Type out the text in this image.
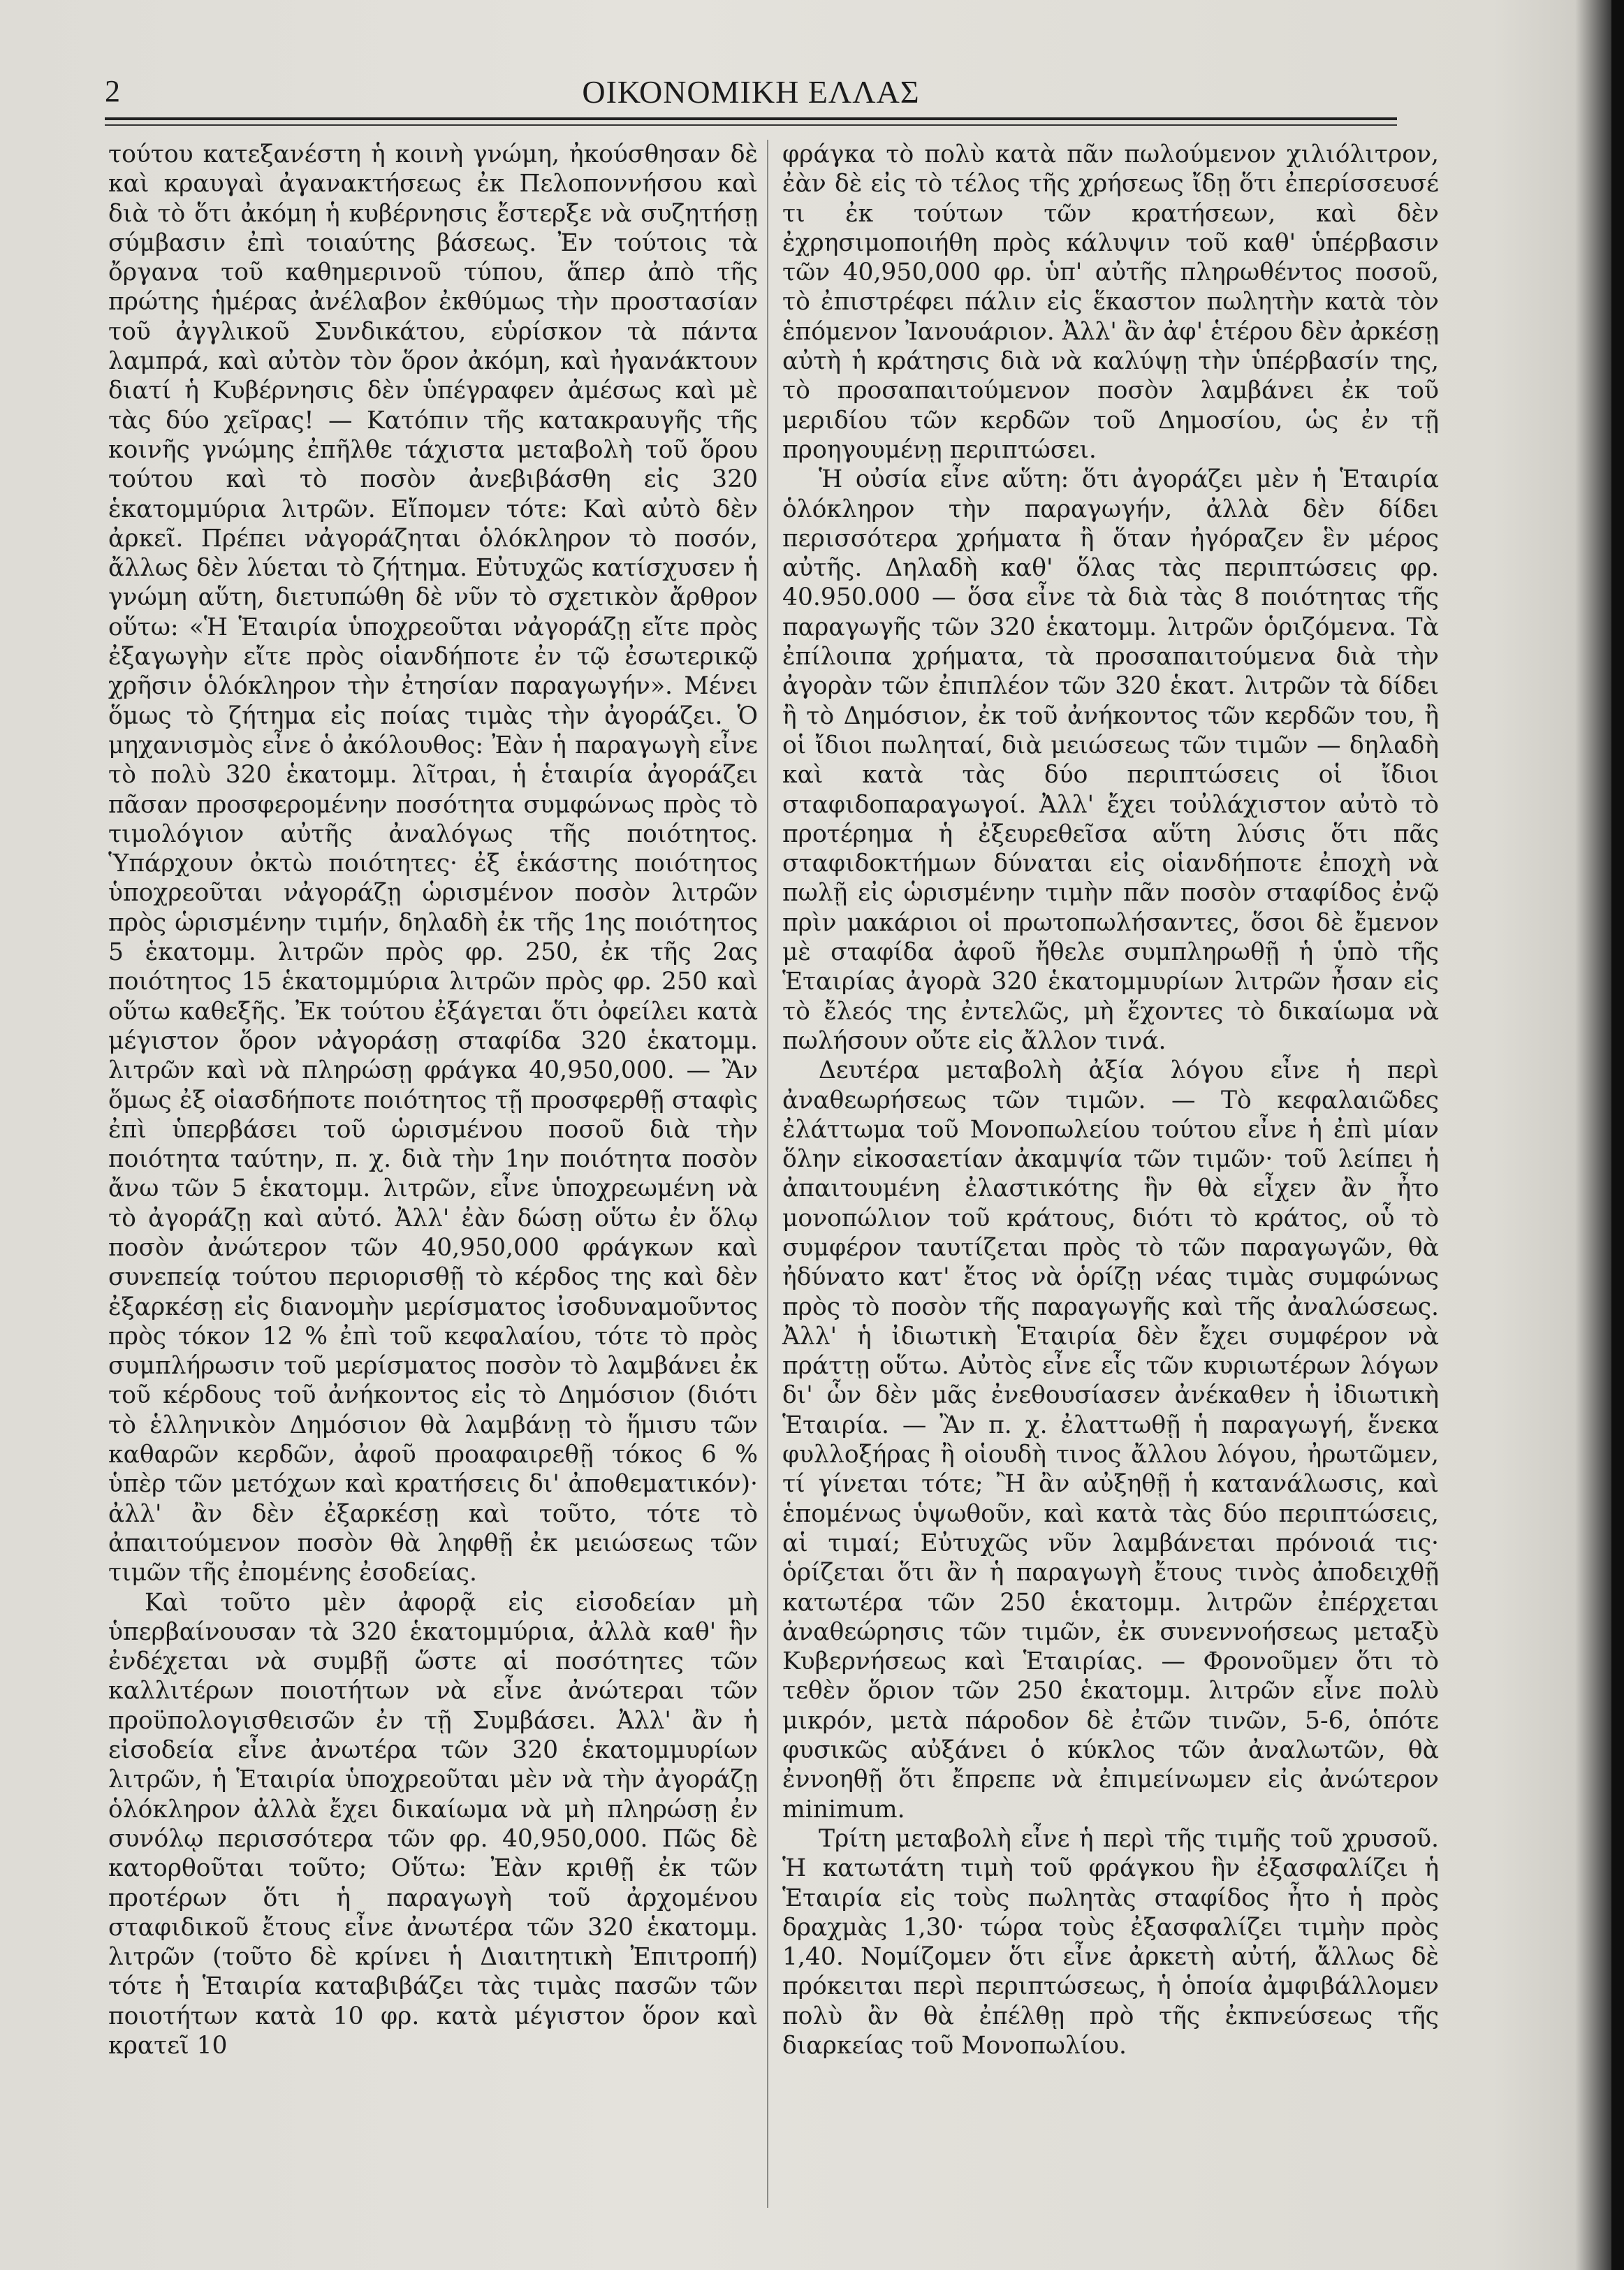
2	ΟΙΚΟΝΟΜΙΚΗ ΕΛΛΑΣ

τούτου κατεξανέστη ἡ κοινὴ γνώμη, ἠκούσθησαν δὲ καὶ κραυγαὶ ἀγανακτήσεως ἐκ Πελοποννήσου καὶ διὰ τὸ ὅτι ἀκόμη ἡ κυβέρνησις ἔστερξε νὰ συζητήσῃ σύμβασιν ἐπὶ τοιαύτης βάσεως. Ἐν τούτοις τὰ ὄργανα τοῦ καθημερινοῦ τύπου, ἅπερ ἀπὸ τῆς πρώτης ἡμέρας ἀνέλαβον ἐκθύμως τὴν προστασίαν τοῦ ἀγγλικοῦ Συνδικάτου, εὑρίσκον τὰ πάντα λαμπρά, καὶ αὐτὸν τὸν ὅρον ἀκόμη, καὶ ἠγανάκτουν διατί ἡ Κυβέρνησις δὲν ὑπέγραφεν ἀμέσως καὶ μὲ τὰς δύο χεῖρας! — Κατόπιν τῆς κατακραυγῆς τῆς κοινῆς γνώμης ἐπῆλθε τάχιστα μεταβολὴ τοῦ ὅρου τούτου καὶ τὸ ποσὸν ἀνεβιβάσθη εἰς 320 ἑκατομμύρια λιτρῶν. Εἴπομεν τότε: Καὶ αὐτὸ δὲν ἀρκεῖ. Πρέπει νἀγοράζηται ὁλόκληρον τὸ ποσόν, ἄλλως δὲν λύεται τὸ ζήτημα. Εὐτυχῶς κατίσχυσεν ἡ γνώμη αὕτη, διετυπώθη δὲ νῦν τὸ σχετικὸν ἄρθρον οὕτω: «Ἡ Ἑταιρία ὑποχρεοῦται νἀγοράζῃ εἴτε πρὸς ἐξαγωγὴν εἴτε πρὸς οἱανδήποτε ἐν τῷ ἐσωτερικῷ χρῆσιν ὁλόκληρον τὴν ἐτησίαν παραγωγήν». Μένει ὅμως τὸ ζήτημα εἰς ποίας τιμὰς τὴν ἀγοράζει. Ὁ μηχανισμὸς εἶνε ὁ ἀκόλουθος: Ἐὰν ἡ παραγωγὴ εἶνε τὸ πολὺ 320 ἑκατομμ. λῖτραι, ἡ ἑταιρία ἀγοράζει πᾶσαν προσφερομένην ποσότητα συμφώνως πρὸς τὸ τιμολόγιον αὐτῆς ἀναλόγως τῆς ποιότητος. Ὑπάρχουν ὀκτὼ ποιότητες· ἐξ ἑκάστης ποιότητος ὑποχρεοῦται νἀγοράζῃ ὡρισμένον ποσὸν λιτρῶν πρὸς ὡρισμένην τιμήν, δηλαδὴ ἐκ τῆς 1ης ποιότητος 5 ἑκατομμ. λιτρῶν πρὸς φρ. 250, ἐκ τῆς 2ας ποιότητος 15 ἑκατομμύρια λιτρῶν πρὸς φρ. 250 καὶ οὕτω καθεξῆς. Ἐκ τούτου ἐξάγεται ὅτι ὀφείλει κατὰ μέγιστον ὅρον νἀγοράσῃ σταφίδα 320 ἑκατομμ. λιτρῶν καὶ νὰ πληρώσῃ φράγκα 40,950,000. — Ἂν ὅμως ἐξ οἱασδήποτε ποιότητος τῇ προσφερθῇ σταφὶς ἐπὶ ὑπερβάσει τοῦ ὡρισμένου ποσοῦ διὰ τὴν ποιότητα ταύτην, π. χ. διὰ τὴν 1ην ποιότητα ποσὸν ἄνω τῶν 5 ἑκατομμ. λιτρῶν, εἶνε ὑποχρεωμένη νὰ τὸ ἀγοράζῃ καὶ αὐτό. Ἀλλ' ἐὰν δώσῃ οὕτω ἐν ὅλῳ ποσὸν ἀνώτερον τῶν 40,950,000 φράγκων καὶ συνεπείᾳ τούτου περιορισθῇ τὸ κέρδος της καὶ δὲν ἐξαρκέσῃ εἰς διανομὴν μερίσματος ἰσοδυναμοῦντος πρὸς τόκον 12 % ἐπὶ τοῦ κεφαλαίου, τότε τὸ πρὸς συμπλήρωσιν τοῦ μερίσματος ποσὸν τὸ λαμβάνει ἐκ τοῦ κέρδους τοῦ ἀνήκοντος εἰς τὸ Δημόσιον (διότι τὸ ἑλληνικὸν Δημόσιον θὰ λαμβάνῃ τὸ ἥμισυ τῶν καθαρῶν κερδῶν, ἀφοῦ προαφαιρεθῇ τόκος 6 % ὑπὲρ τῶν μετόχων καὶ κρατήσεις δι' ἀποθεματικόν)· ἀλλ' ἂν δὲν ἐξαρκέσῃ καὶ τοῦτο, τότε τὸ ἀπαιτούμενον ποσὸν θὰ ληφθῇ ἐκ μειώσεως τῶν τιμῶν τῆς ἐπομένης ἐσοδείας.

Καὶ τοῦτο μὲν ἀφορᾷ εἰς εἰσοδείαν μὴ ὑπερβαίνουσαν τὰ 320 ἑκατομμύρια, ἀλλὰ καθ' ἣν ἐνδέχεται νὰ συμβῇ ὥστε αἱ ποσότητες τῶν καλλιτέρων ποιοτήτων νὰ εἶνε ἀνώτεραι τῶν προϋπολογισθεισῶν ἐν τῇ Συμβάσει. Ἀλλ' ἂν ἡ εἰσοδεία εἶνε ἀνωτέρα τῶν 320 ἑκατομμυρίων λιτρῶν, ἡ Ἑταιρία ὑποχρεοῦται μὲν νὰ τὴν ἀγοράζῃ ὁλόκληρον ἀλλὰ ἔχει δικαίωμα νὰ μὴ πληρώσῃ ἐν συνόλῳ περισσότερα τῶν φρ. 40,950,000. Πῶς δὲ κατορθοῦται τοῦτο; Οὕτω: Ἐὰν κριθῇ ἐκ τῶν προτέρων ὅτι ἡ παραγωγὴ τοῦ ἀρχομένου σταφιδικοῦ ἔτους εἶνε ἀνωτέρα τῶν 320 ἑκατομμ. λιτρῶν (τοῦτο δὲ κρίνει ἡ Διαιτητικὴ Ἐπιτροπή) τότε ἡ Ἑταιρία καταβιβάζει τὰς τιμὰς πασῶν τῶν ποιοτήτων κατὰ 10 φρ. κατὰ μέγιστον ὅρον καὶ κρατεῖ 10

φράγκα τὸ πολὺ κατὰ πᾶν πωλούμενον χιλιόλιτρον, ἐὰν δὲ εἰς τὸ τέλος τῆς χρήσεως ἴδῃ ὅτι ἐπερίσσευσέ τι ἐκ τούτων τῶν κρατήσεων, καὶ δὲν ἐχρησιμοποιήθη πρὸς κάλυψιν τοῦ καθ' ὑπέρβασιν τῶν 40,950,000 φρ. ὑπ' αὐτῆς πληρωθέντος ποσοῦ, τὸ ἐπιστρέφει πάλιν εἰς ἕκαστον πωλητὴν κατὰ τὸν ἑπόμενον Ἰανουάριον. Ἀλλ' ἂν ἀφ' ἑτέρου δὲν ἀρκέσῃ αὐτὴ ἡ κράτησις διὰ νὰ καλύψῃ τὴν ὑπέρβασίν της, τὸ προσαπαιτούμενον ποσὸν λαμβάνει ἐκ τοῦ μεριδίου τῶν κερδῶν τοῦ Δημοσίου, ὡς ἐν τῇ προηγουμένῃ περιπτώσει.

Ἡ οὐσία εἶνε αὕτη: ὅτι ἀγοράζει μὲν ἡ Ἑταιρία ὁλόκληρον τὴν παραγωγήν, ἀλλὰ δὲν δίδει περισσότερα χρήματα ἢ ὅταν ἠγόραζεν ἓν μέρος αὐτῆς. Δηλαδὴ καθ' ὅλας τὰς περιπτώσεις φρ. 40.950.000 — ὅσα εἶνε τὰ διὰ τὰς 8 ποιότητας τῆς παραγωγῆς τῶν 320 ἑκατομμ. λιτρῶν ὁριζόμενα. Τὰ ἐπίλοιπα χρήματα, τὰ προσαπαιτούμενα διὰ τὴν ἀγορὰν τῶν ἐπιπλέον τῶν 320 ἑκατ. λιτρῶν τὰ δίδει ἢ τὸ Δημόσιον, ἐκ τοῦ ἀνήκοντος τῶν κερδῶν του, ἢ οἱ ἴδιοι πωληταί, διὰ μειώσεως τῶν τιμῶν — δηλαδὴ καὶ κατὰ τὰς δύο περιπτώσεις οἱ ἴδιοι σταφιδοπαραγωγοί. Ἀλλ' ἔχει τοὐλάχιστον αὐτὸ τὸ προτέρημα ἡ ἐξευρεθεῖσα αὕτη λύσις ὅτι πᾶς σταφιδοκτήμων δύναται εἰς οἱανδήποτε ἐποχὴ νὰ πωλῇ εἰς ὡρισμένην τιμὴν πᾶν ποσὸν σταφίδος ἐνῷ πρὶν μακάριοι οἱ πρωτοπωλήσαντες, ὅσοι δὲ ἔμενον μὲ σταφίδα ἀφοῦ ἤθελε συμπληρωθῇ ἡ ὑπὸ τῆς Ἑταιρίας ἀγορὰ 320 ἑκατομμυρίων λιτρῶν ἦσαν εἰς τὸ ἔλεός της ἐντελῶς, μὴ ἔχοντες τὸ δικαίωμα νὰ πωλήσουν οὔτε εἰς ἄλλον τινά.

Δευτέρα μεταβολὴ ἀξία λόγου εἶνε ἡ περὶ ἀναθεωρήσεως τῶν τιμῶν. — Τὸ κεφαλαιῶδες ἐλάττωμα τοῦ Μονοπωλείου τούτου εἶνε ἡ ἐπὶ μίαν ὅλην εἰκοσαετίαν ἀκαμψία τῶν τιμῶν· τοῦ λείπει ἡ ἀπαιτουμένη ἐλαστικότης ἣν θὰ εἶχεν ἂν ἦτο μονοπώλιον τοῦ κράτους, διότι τὸ κράτος, οὗ τὸ συμφέρον ταυτίζεται πρὸς τὸ τῶν παραγωγῶν, θὰ ἠδύνατο κατ' ἔτος νὰ ὁρίζῃ νέας τιμὰς συμφώνως πρὸς τὸ ποσὸν τῆς παραγωγῆς καὶ τῆς ἀναλώσεως. Ἀλλ' ἡ ἰδιωτικὴ Ἑταιρία δὲν ἔχει συμφέρον νὰ πράττῃ οὕτω. Αὐτὸς εἶνε εἷς τῶν κυριωτέρων λόγων δι' ὧν δὲν μᾶς ἐνεθουσίασεν ἀνέκαθεν ἡ ἰδιωτικὴ Ἑταιρία. — Ἂν π. χ. ἐλαττωθῇ ἡ παραγωγή, ἕνεκα φυλλοξήρας ἢ οἱουδὴ τινος ἄλλου λόγου, ἠρωτῶμεν, τί γίνεται τότε; Ἢ ἂν αὐξηθῇ ἡ κατανάλωσις, καὶ ἑπομένως ὑψωθοῦν, καὶ κατὰ τὰς δύο περιπτώσεις, αἱ τιμαί; Εὐτυχῶς νῦν λαμβάνεται πρόνοιά τις· ὁρίζεται ὅτι ἂν ἡ παραγωγὴ ἔτους τινὸς ἀποδειχθῇ κατωτέρα τῶν 250 ἑκατομμ. λιτρῶν ἐπέρχεται ἀναθεώρησις τῶν τιμῶν, ἐκ συνεννοήσεως μεταξὺ Κυβερνήσεως καὶ Ἑταιρίας. — Φρονοῦμεν ὅτι τὸ τεθὲν ὅριον τῶν 250 ἑκατομμ. λιτρῶν εἶνε πολὺ μικρόν, μετὰ πάροδον δὲ ἐτῶν τινῶν, 5-6, ὁπότε φυσικῶς αὐξάνει ὁ κύκλος τῶν ἀναλωτῶν, θὰ ἐννοηθῇ ὅτι ἔπρεπε νὰ ἐπιμείνωμεν εἰς ἀνώτερον minimum.

Τρίτη μεταβολὴ εἶνε ἡ περὶ τῆς τιμῆς τοῦ χρυσοῦ. Ἡ κατωτάτη τιμὴ τοῦ φράγκου ἣν ἐξασφαλίζει ἡ Ἑταιρία εἰς τοὺς πωλητὰς σταφίδος ἦτο ἡ πρὸς δραχμὰς 1,30· τώρα τοὺς ἐξασφαλίζει τιμὴν πρὸς 1,40. Νομίζομεν ὅτι εἶνε ἀρκετὴ αὐτή, ἄλλως δὲ πρόκειται περὶ περιπτώσεως, ἡ ὁποία ἀμφιβάλλομεν πολὺ ἂν θὰ ἐπέλθῃ πρὸ τῆς ἐκπνεύσεως τῆς διαρκείας τοῦ Μονοπωλίου.
